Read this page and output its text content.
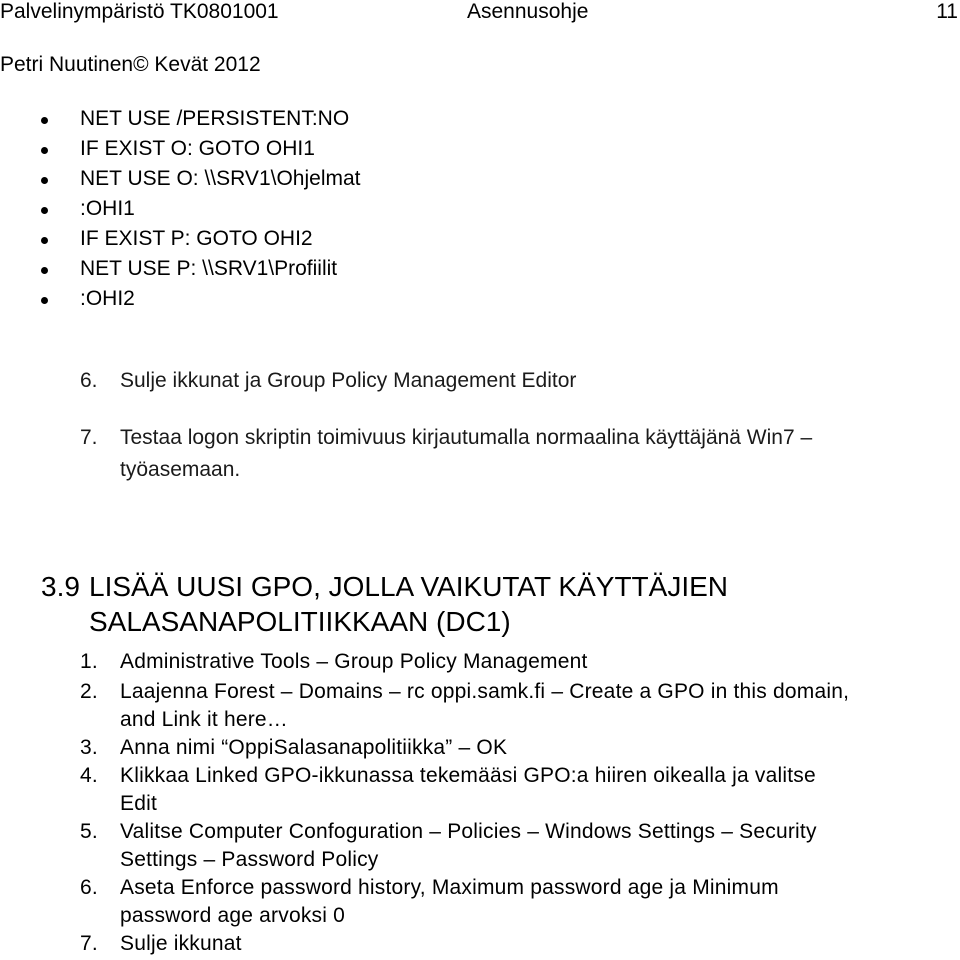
Palvelinympäristö TK0801001	Asennusohje	11
Petri Nuutinen© Kevät 2012
NET USE /PERSISTENT:NO
IF EXIST O: GOTO OHI1
NET USE O: \\SRV1\Ohjelmat
:OHI1
IF EXIST P: GOTO OHI2
NET USE P: \\SRV1\Profiilit
:OHI2
6. Sulje ikkunat ja Group Policy Management Editor
7. Testaa logon skriptin toimivuus kirjautumalla normaalina käyttäjänä Win7 –
työasemaan.
3.9 LISÄÄ UUSI GPO, JOLLA VAIKUTAT KÄYTTÄJIEN
SALASANAPOLITIIKKAAN (DC1)
1. Administrative Tools – Group Policy Management
2. Laajenna Forest – Domains – rc oppi.samk.fi – Create a GPO in this domain,
and Link it here…
3. Anna nimi “OppiSalasanapolitiikka” – OK
4. Klikkaa Linked GPO-ikkunassa tekemääsi GPO:a hiiren oikealla ja valitse
Edit
5. Valitse Computer Confoguration – Policies – Windows Settings – Security
Settings – Password Policy
6. Aseta Enforce password history, Maximum password age ja Minimum
password age arvoksi 0
7. Sulje ikkunat
